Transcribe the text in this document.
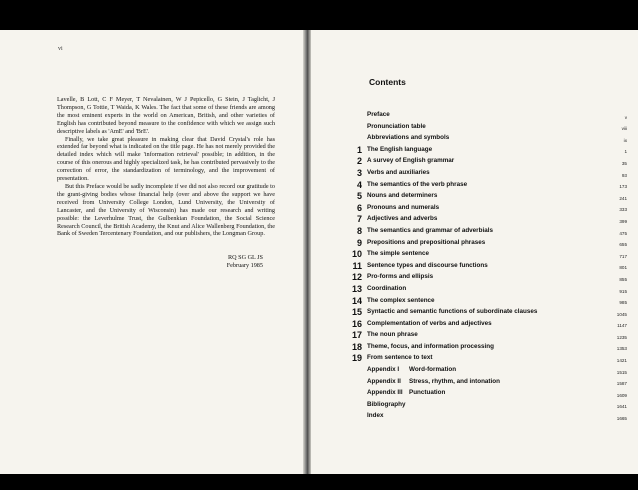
vi

Lavelle, B Lott, C F Meyer, T Nevalainen, W J Pepicello, G Stein, J Taglicht, J Thompson, G Tottie, T Waida, K Wales. The fact that some of these friends are among the most eminent experts in the world on American, British, and other varieties of English has contributed beyond measure to the confidence with which we assign such descriptive labels as 'AmE' and 'BrE'.

Finally, we take great pleasure in making clear that David Crystal's role has extended far beyond what is indicated on the title page. He has not merely provided the detailed index which will make 'information retrieval' possible; in addition, in the course of this onerous and highly specialized task, he has contributed pervasively to the correction of error, the standardization of terminology, and the improvement of presentation.

But this Preface would be sadly incomplete if we did not also record our gratitude to the grant-giving bodies whose financial help (over and above the support we have received from University College London, Lund University, the University of Lancaster, and the University of Wisconsin) has made our research and writing possible: the Leverhulme Trust, the Gulbenkian Foundation, the Social Science Research Council, the British Academy, the Knut and Alice Wallenberg Foundation, the Bank of Sweden Tercentenary Foundation, and our publishers, the Longman Group.

RQ SG GL JS
February 1985
Contents
Preface	v
Pronunciation table	viii
Abbreviations and symbols	ix
1 The English language	1
2 A survey of English grammar	35
3 Verbs and auxiliaries	93
4 The semantics of the verb phrase	173
5 Nouns and determiners	241
6 Pronouns and numerals	333
7 Adjectives and adverbs	399
8 The semantics and grammar of adverbials	475
9 Prepositions and prepositional phrases	655
10 The simple sentence	717
11 Sentence types and discourse functions	801
12 Pro-forms and ellipsis	855
13 Coordination	915
14 The complex sentence	985
15 Syntactic and semantic functions of subordinate clauses	1045
16 Complementation of verbs and adjectives	1147
17 The noun phrase	1235
18 Theme, focus, and information processing	1353
19 From sentence to text	1421
Appendix I Word-formation	1515
Appendix II Stress, rhythm, and intonation	1587
Appendix III Punctuation	1609
Bibliography	1641
Index	1665
